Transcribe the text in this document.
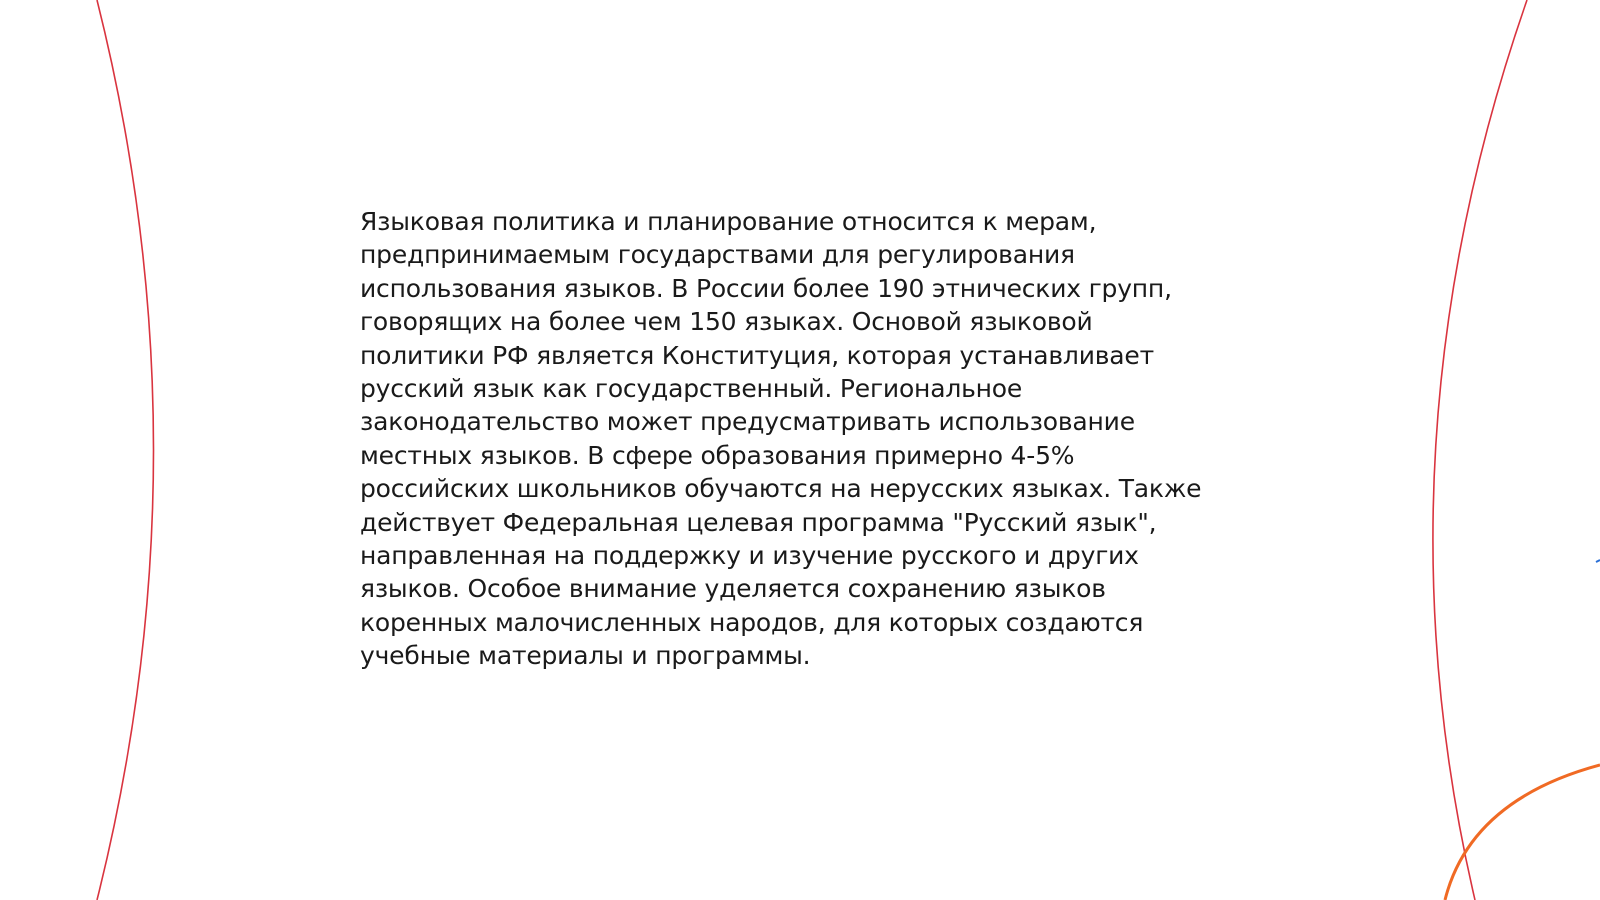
Языковая политика и планирование относится к мерам,
предпринимаемым государствами для регулирования
использования языков. В России более 190 этнических групп,
говорящих на более чем 150 языках. Основой языковой
политики РФ является Конституция, которая устанавливает
русский язык как государственный. Региональное
законодательство может предусматривать использование
местных языков. В сфере образования примерно 4-5%
российских школьников обучаются на нерусских языках. Также
действует Федеральная целевая программа "Русский язык",
направленная на поддержку и изучение русского и других
языков. Особое внимание уделяется сохранению языков
коренных малочисленных народов, для которых создаются
учебные материалы и программы.
